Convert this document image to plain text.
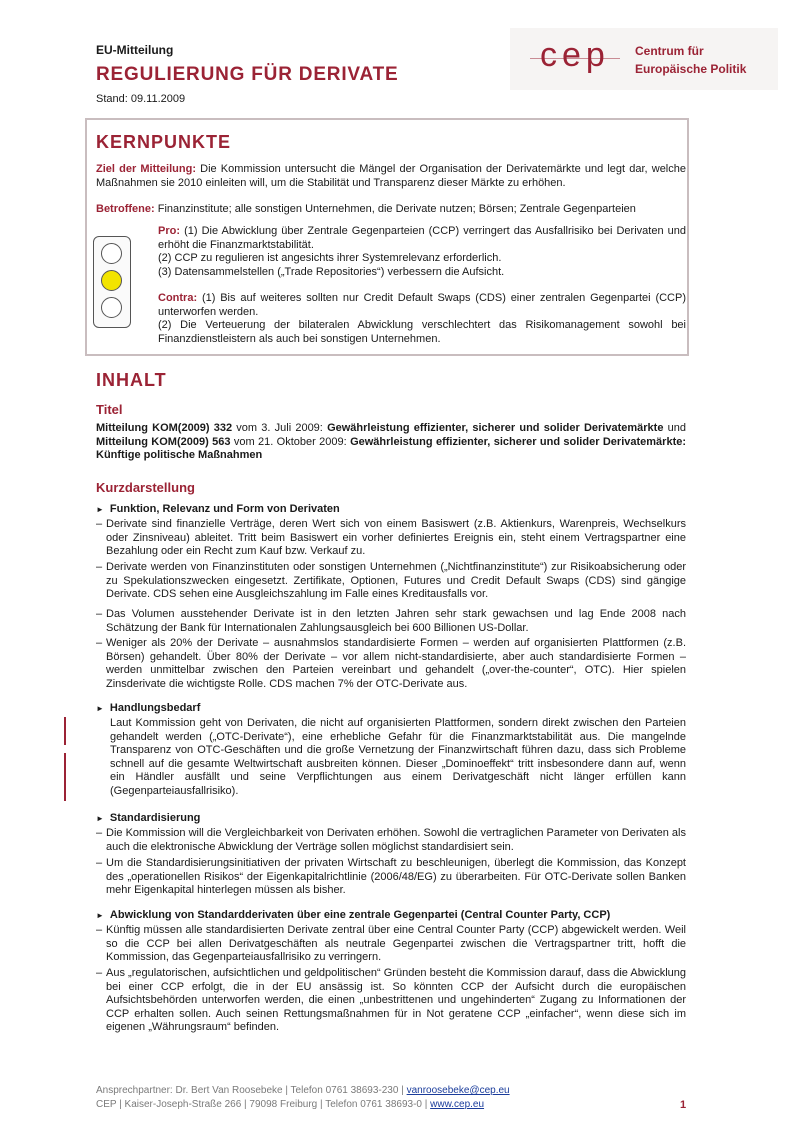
EU-Mitteilung
REGULIERUNG FÜR DERIVATE
Stand: 09.11.2009
cep Centrum für
Europäische Politik
KERNPUNKTE
Ziel der Mitteilung: Die Kommission untersucht die Mängel der Organisation der Derivatemärkte und legt dar, welche Maßnahmen sie 2010 einleiten will, um die Stabilität und Transparenz dieser Märkte zu erhöhen.
Betroffene: Finanzinstitute; alle sonstigen Unternehmen, die Derivate nutzen; Börsen; Zentrale Gegenparteien
Pro: (1) Die Abwicklung über Zentrale Gegenparteien (CCP) verringert das Ausfallrisiko bei Derivaten und erhöht die Finanzmarktstabilität.
(2) CCP zu regulieren ist angesichts ihrer Systemrelevanz erforderlich.
(3) Datensammelstellen („Trade Repositories“) verbessern die Aufsicht.
Contra: (1) Bis auf weiteres sollten nur Credit Default Swaps (CDS) einer zentralen Gegenpartei (CCP) unterworfen werden.
(2) Die Verteuerung der bilateralen Abwicklung verschlechtert das Risikomanagement sowohl bei Finanzdienstleistern als auch bei sonstigen Unternehmen.
INHALT
Titel
Mitteilung KOM(2009) 332 vom 3. Juli 2009: Gewährleistung effizienter, sicherer und solider Derivatemärkte und Mitteilung KOM(2009) 563 vom 21. Oktober 2009: Gewährleistung effizienter, sicherer und solider Derivatemärkte: Künftige politische Maßnahmen
Kurzdarstellung
► Funktion, Relevanz und Form von Derivaten
– Derivate sind finanzielle Verträge, deren Wert sich von einem Basiswert (z.B. Aktienkurs, Warenpreis, Wechselkurs oder Zinsniveau) ableitet. Tritt beim Basiswert ein vorher definiertes Ereignis ein, steht einem Vertragspartner eine Bezahlung oder ein Recht zum Kauf bzw. Verkauf zu.
– Derivate werden von Finanzinstituten oder sonstigen Unternehmen („Nichtfinanzinstitute“) zur Risikoabsicherung oder zu Spekulationszwecken eingesetzt. Zertifikate, Optionen, Futures und Credit Default Swaps (CDS) sind gängige Derivate. CDS sehen eine Ausgleichszahlung im Falle eines Kreditausfalls vor.
– Das Volumen ausstehender Derivate ist in den letzten Jahren sehr stark gewachsen und lag Ende 2008 nach Schätzung der Bank für Internationalen Zahlungsausgleich bei 600 Billionen US-Dollar.
– Weniger als 20% der Derivate – ausnahmslos standardisierte Formen – werden auf organisierten Plattformen (z.B. Börsen) gehandelt. Über 80% der Derivate – vor allem nicht-standardisierte, aber auch standardisierte Formen – werden unmittelbar zwischen den Parteien vereinbart und gehandelt („over-the-counter“, OTC). Hier spielen Zinsderivate die wichtigste Rolle. CDS machen 7% der OTC-Derivate aus.
► Handlungsbedarf
Laut Kommission geht von Derivaten, die nicht auf organisierten Plattformen, sondern direkt zwischen den Parteien gehandelt werden („OTC-Derivate“), eine erhebliche Gefahr für die Finanzmarktstabilität aus. Die mangelnde Transparenz von OTC-Geschäften und die große Vernetzung der Finanzwirtschaft führen dazu, dass sich Probleme schnell auf die gesamte Weltwirtschaft ausbreiten können. Dieser „Dominoeffekt“ tritt insbesondere dann auf, wenn ein Händler ausfällt und seine Verpflichtungen aus einem Derivatgeschäft nicht länger erfüllen kann (Gegenparteiausfallrisiko).
► Standardisierung
– Die Kommission will die Vergleichbarkeit von Derivaten erhöhen. Sowohl die vertraglichen Parameter von Derivaten als auch die elektronische Abwicklung der Verträge sollen möglichst standardisiert sein.
– Um die Standardisierungsinitiativen der privaten Wirtschaft zu beschleunigen, überlegt die Kommission, das Konzept des „operationellen Risikos“ der Eigenkapitalrichtlinie (2006/48/EG) zu überarbeiten. Für OTC-Derivate sollen Banken mehr Eigenkapital hinterlegen müssen als bisher.
► Abwicklung von Standardderivaten über eine zentrale Gegenpartei (Central Counter Party, CCP)
– Künftig müssen alle standardisierten Derivate zentral über eine Central Counter Party (CCP) abgewickelt werden. Weil so die CCP bei allen Derivatgeschäften als neutrale Gegenpartei zwischen die Vertragspartner tritt, hofft die Kommission, das Gegenparteiausfallrisiko zu verringern.
– Aus „regulatorischen, aufsichtlichen und geldpolitischen“ Gründen besteht die Kommission darauf, dass die Abwicklung bei einer CCP erfolgt, die in der EU ansässig ist. So könnten CCP der Aufsicht durch die europäischen Aufsichtsbehörden unterworfen werden, die einen „unbestrittenen und ungehinderten“ Zugang zu Informationen der CCP erhalten sollen. Auch seinen Rettungsmaßnahmen für in Not geratene CCP „einfacher“, wenn diese sich im eigenen „Währungsraum“ befinden.
Ansprechpartner: Dr. Bert Van Roosebeke | Telefon 0761 38693-230 | vanroosebeke@cep.eu
CEP | Kaiser-Joseph-Straße 266 | 79098 Freiburg | Telefon 0761 38693-0 | www.cep.eu	1
